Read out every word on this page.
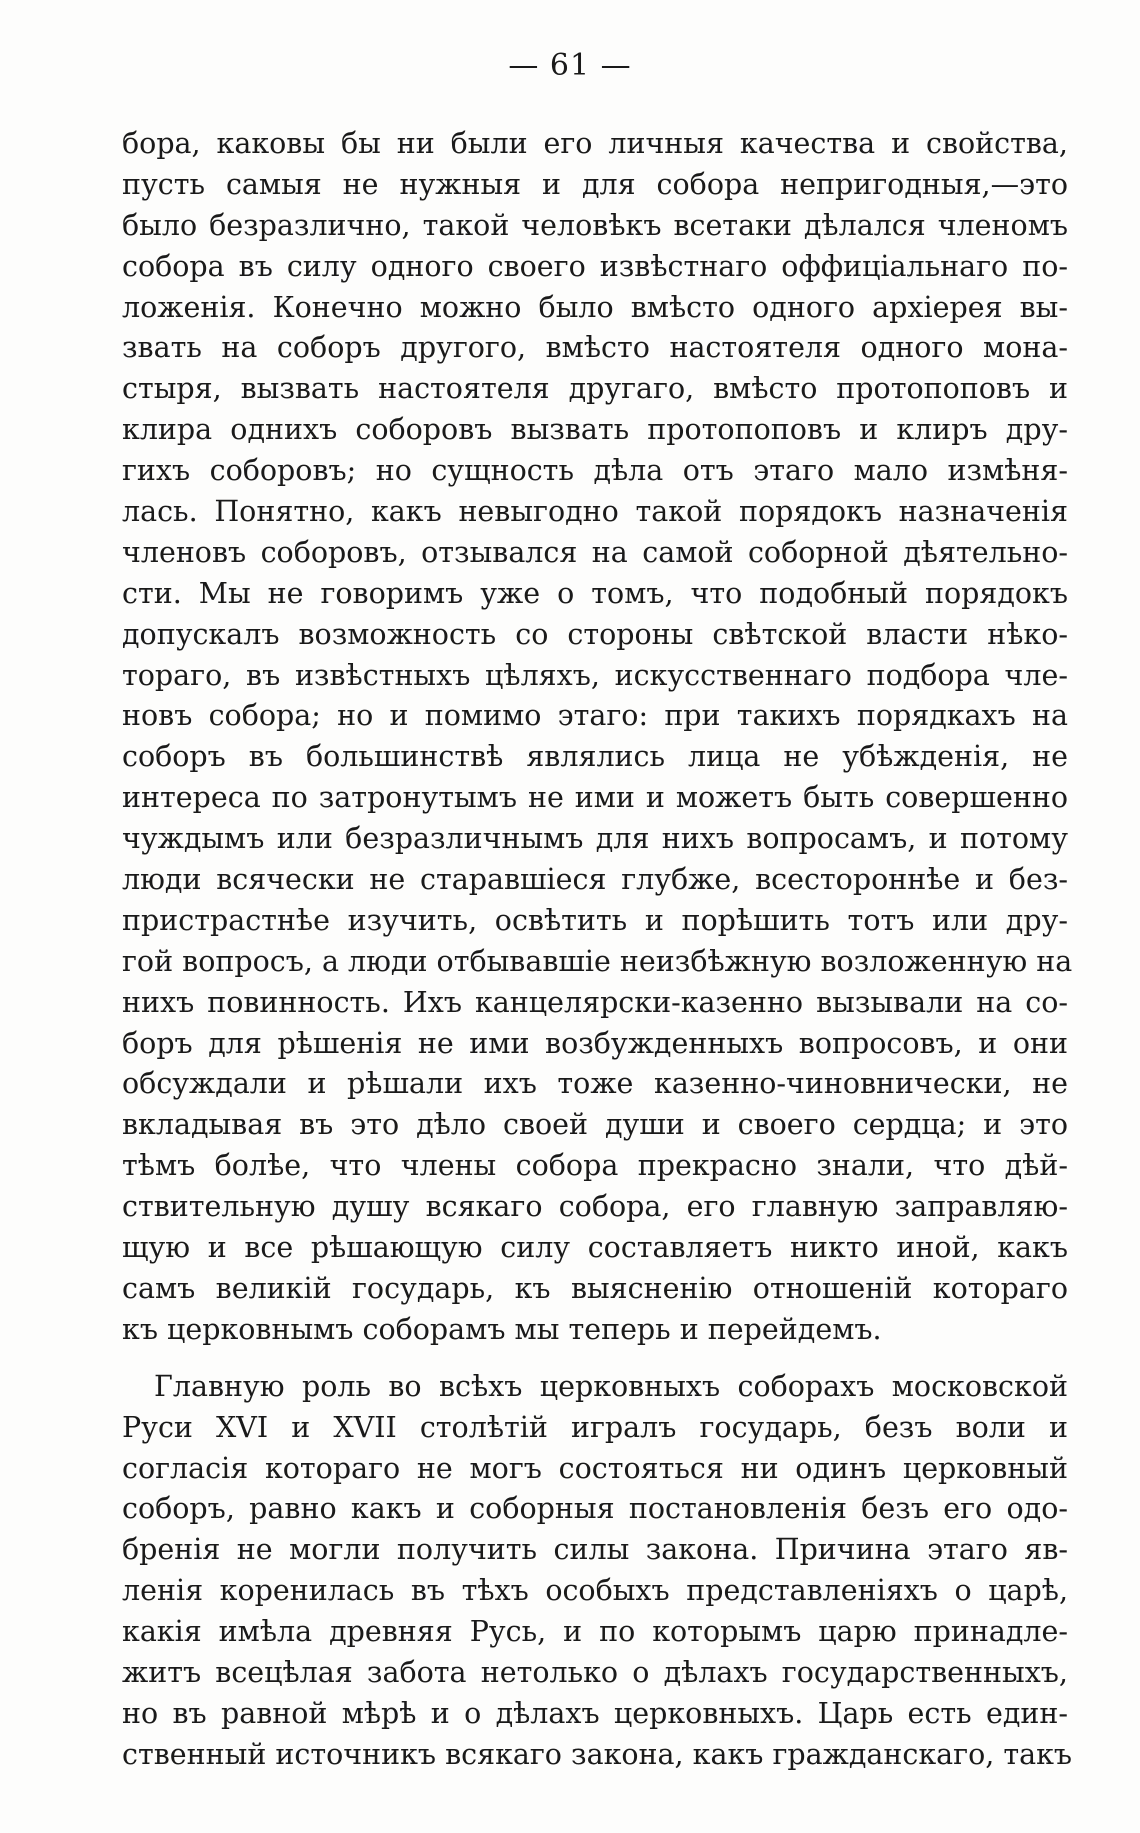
— 61 —
бора, каковы бы ни были его личныя качества и свойства,
пусть самыя не нужныя и для собора непригодныя,—это
было безразлично, такой человѣкъ всетаки дѣлался членомъ
собора въ силу одного своего извѣстнаго оффиціальнаго по-
ложенія. Конечно можно было вмѣсто одного архіерея вы-
звать на соборъ другого, вмѣсто настоятеля одного мона-
стыря, вызвать настоятеля другаго, вмѣсто протопоповъ и
клира однихъ соборовъ вызвать протопоповъ и клиръ дру-
гихъ соборовъ; но сущность дѣла отъ этаго мало измѣня-
лась. Понятно, какъ невыгодно такой порядокъ назначенія
членовъ соборовъ, отзывался на самой соборной дѣятельно-
сти. Мы не говоримъ уже о томъ, что подобный порядокъ
допускалъ возможность со стороны свѣтской власти нѣко-
тораго, въ извѣстныхъ цѣляхъ, искусственнаго подбора чле-
новъ собора; но и помимо этаго: при такихъ порядкахъ на
соборъ въ большинствѣ являлись лица не убѣжденія, не
интереса по затронутымъ не ими и можетъ быть совершенно
чуждымъ или безразличнымъ для нихъ вопросамъ, и потому
люди всячески не старавшіеся глубже, всестороннѣе и без-
пристрастнѣе изучить, освѣтить и порѣшить тотъ или дру-
гой вопросъ, а люди отбывавшіе неизбѣжную возложенную на
нихъ повинность. Ихъ канцелярски-казенно вызывали на со-
боръ для рѣшенія не ими возбужденныхъ вопросовъ, и они
обсуждали и рѣшали ихъ тоже казенно-чиновнически, не
вкладывая въ это дѣло своей души и своего сердца; и это
тѣмъ болѣе, что члены собора прекрасно знали, что дѣй-
ствительную душу всякаго собора, его главную заправляю-
щую и все рѣшающую силу составляетъ никто иной, какъ
самъ великій государь, къ выясненію отношеній котораго
къ церковнымъ соборамъ мы теперь и перейдемъ.
Главную роль во всѣхъ церковныхъ соборахъ московской
Руси XVI и XVII столѣтій игралъ государь, безъ воли и
согласія котораго не могъ состояться ни одинъ церковный
соборъ, равно какъ и соборныя постановленія безъ его одо-
бренія не могли получить силы закона. Причина этаго яв-
ленія коренилась въ тѣхъ особыхъ представленіяхъ о царѣ,
какія имѣла древняя Русь, и по которымъ царю принадле-
житъ всецѣлая забота нетолько о дѣлахъ государственныхъ,
но въ равной мѣрѣ и о дѣлахъ церковныхъ. Царь есть един-
ственный источникъ всякаго закона, какъ гражданскаго, такъ
